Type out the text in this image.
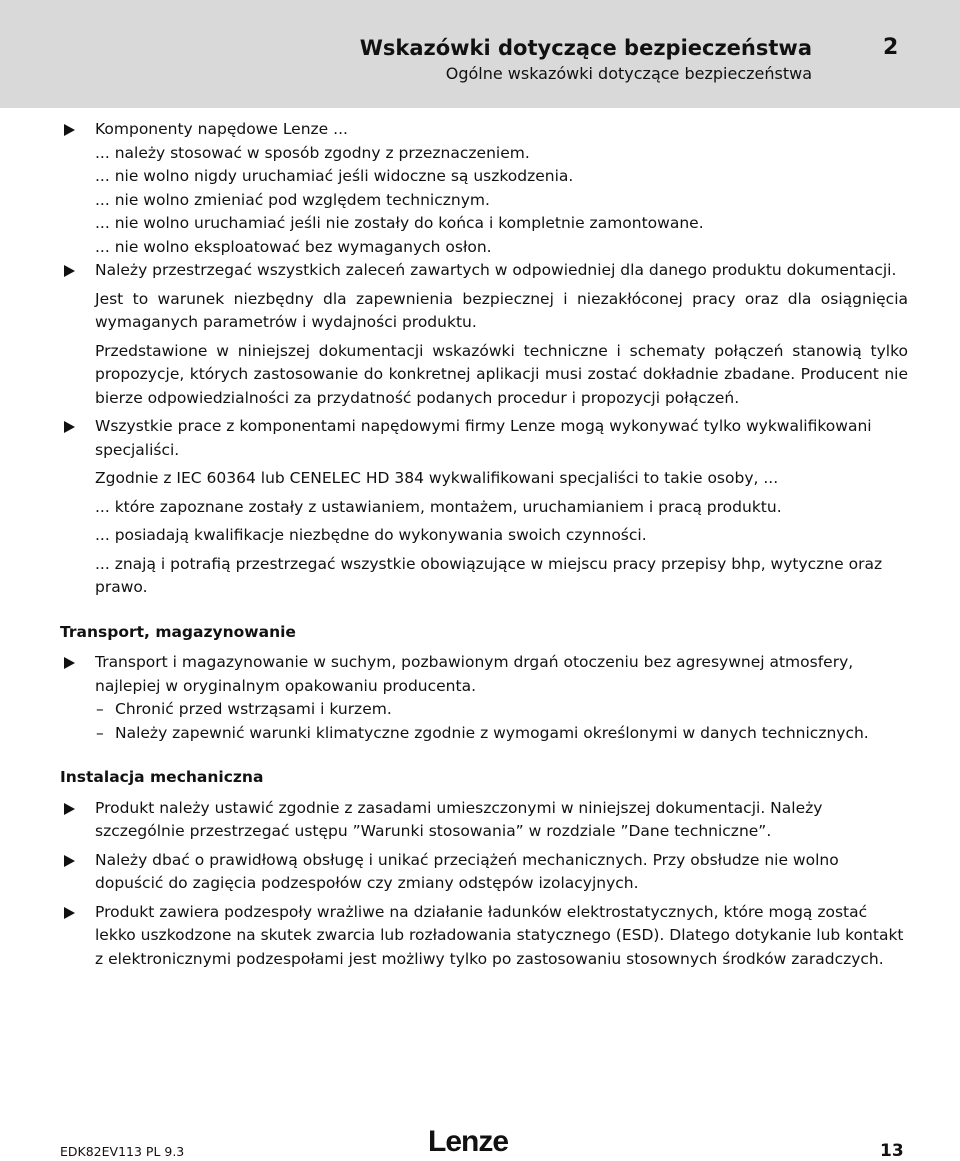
Wskazówki dotyczące bezpieczeństwa
Ogólne wskazówki dotyczące bezpieczeństwa
2
Komponenty napędowe Lenze ...
... należy stosować w sposób zgodny z przeznaczeniem.
... nie wolno nigdy uruchamiać jeśli widoczne są uszkodzenia.
... nie wolno zmieniać pod względem technicznym.
... nie wolno uruchamiać jeśli nie zostały do końca i kompletnie zamontowane.
... nie wolno eksploatować bez wymaganych osłon.
Należy przestrzegać wszystkich zaleceń zawartych w odpowiedniej dla danego produktu dokumentacji.
Jest to warunek niezbędny dla zapewnienia bezpiecznej i niezakłóconej pracy oraz dla osiągnięcia wymaganych parametrów i wydajności produktu.
Przedstawione w niniejszej dokumentacji wskazówki techniczne i schematy połączeń stanowią tylko propozycje, których zastosowanie do konkretnej aplikacji musi zostać dokładnie zbadane. Producent nie bierze odpowiedzialności za przydatność podanych procedur i propozycji połączeń.
Wszystkie prace z komponentami napędowymi firmy Lenze mogą wykonywać tylko wykwalifikowani specjaliści.
Zgodnie z IEC 60364 lub CENELEC HD 384 wykwalifikowani specjaliści to takie osoby, ...
... które zapoznane zostały z ustawianiem, montażem, uruchamianiem i pracą produktu.
... posiadają kwalifikacje niezbędne do wykonywania swoich czynności.
... znają i potrafią przestrzegać wszystkie obowiązujące w miejscu pracy przepisy bhp, wytyczne oraz prawo.
Transport, magazynowanie
Transport i magazynowanie w suchym, pozbawionym drgań otoczeniu bez agresywnej atmosfery, najlepiej w oryginalnym opakowaniu producenta.
– Chronić przed wstrząsami i kurzem.
– Należy zapewnić warunki klimatyczne zgodnie z wymogami określonymi w danych technicznych.
Instalacja mechaniczna
Produkt należy ustawić zgodnie z zasadami umieszczonymi w niniejszej dokumentacji. Należy szczególnie przestrzegać ustępu ”Warunki stosowania” w rozdziale ”Dane techniczne”.
Należy dbać o prawidłową obsługę i unikać przeciążeń mechanicznych. Przy obsłudze nie wolno dopuścić do zagięcia podzespołów czy zmiany odstępów izolacyjnych.
Produkt zawiera podzespoły wrażliwe na działanie ładunków elektrostatycznych, które mogą zostać lekko uszkodzone na skutek zwarcia lub rozładowania statycznego (ESD). Dlatego dotykanie lub kontakt z elektronicznymi podzespołami jest możliwy tylko po zastosowaniu stosownych środków zaradczych.
EDK82EV113 PL 9.3	Lenze	13
